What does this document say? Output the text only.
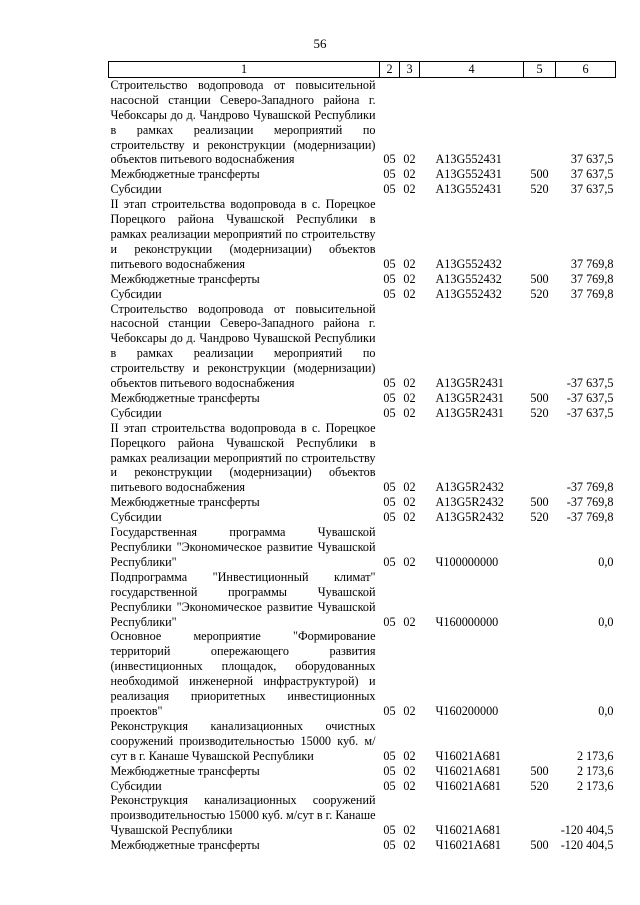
56
1	2	3	4	5	6
Строительство водопровода от повысительной насосной станции Северо-Западного района г. Чебоксары до д. Чандрово Чувашской Республики в рамках реализации мероприятий по строительству и реконструкции (модернизации) объектов питьевого водоснабжения	05	02	А13G552431		37 637,5
Межбюджетные трансферты	05	02	А13G552431	500	37 637,5
Субсидии	05	02	А13G552431	520	37 637,5
II этап строительства водопровода в с. Порецкое Порецкого района Чувашской Республики в рамках реализации мероприятий по строительству и реконструкции (модернизации) объектов питьевого водоснабжения	05	02	А13G552432		37 769,8
Межбюджетные трансферты	05	02	А13G552432	500	37 769,8
Субсидии	05	02	А13G552432	520	37 769,8
Строительство водопровода от повысительной насосной станции Северо-Западного района г. Чебоксары до д. Чандрово Чувашской Республики в рамках реализации мероприятий по строительству и реконструкции (модернизации) объектов питьевого водоснабжения	05	02	А13G5R2431		-37 637,5
Межбюджетные трансферты	05	02	А13G5R2431	500	-37 637,5
Субсидии	05	02	А13G5R2431	520	-37 637,5
II этап строительства водопровода в с. Порецкое Порецкого района Чувашской Республики в рамках реализации мероприятий по строительству и реконструкции (модернизации) объектов питьевого водоснабжения	05	02	А13G5R2432		-37 769,8
Межбюджетные трансферты	05	02	А13G5R2432	500	-37 769,8
Субсидии	05	02	А13G5R2432	520	-37 769,8
Государственная программа Чувашской Республики "Экономическое развитие Чувашской Республики"	05	02	Ч100000000		0,0
Подпрограмма "Инвестиционный климат" государственной программы Чувашской Республики "Экономическое развитие Чувашской Республики"	05	02	Ч160000000		0,0
Основное мероприятие "Формирование территорий опережающего развития (инвестиционных площадок, оборудованных необходимой инженерной инфраструктурой) и реализация приоритетных инвестиционных проектов"	05	02	Ч160200000		0,0
Реконструкция канализационных очистных сооружений производительностью 15000 куб. м/сут в г. Канаше Чувашской Республики	05	02	Ч16021А681		2 173,6
Межбюджетные трансферты	05	02	Ч16021А681	500	2 173,6
Субсидии	05	02	Ч16021А681	520	2 173,6
Реконструкция канализационных сооружений производительностью 15000 куб. м/сут в г. Канаше Чувашской Республики	05	02	Ч16021А681		-120 404,5
Межбюджетные трансферты	05	02	Ч16021А681	500	-120 404,5
